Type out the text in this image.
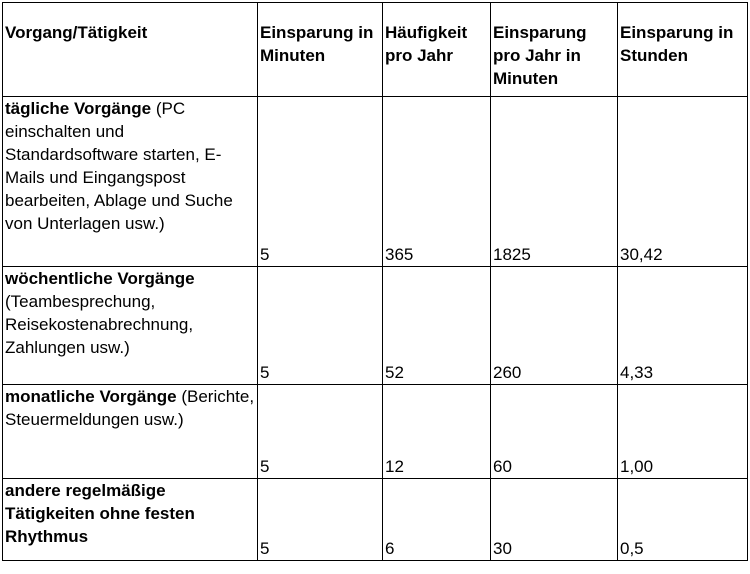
Vorgang/Tätigkeit	Einsparung in Minuten	Häufigkeit pro Jahr	Einsparung pro Jahr in Minuten	Einsparung in Stunden
tägliche Vorgänge (PC einschalten und Standardsoftware starten, E-Mails und Eingangspost bearbeiten, Ablage und Suche von Unterlagen usw.)	5	365	1825	30,42
wöchentliche Vorgänge (Teambesprechung, Reisekostenabrechnung, Zahlungen usw.)	5	52	260	4,33
monatliche Vorgänge (Berichte, Steuermeldungen usw.)	5	12	60	1,00
andere regelmäßige Tätigkeiten ohne festen Rhythmus	5	6	30	0,5
